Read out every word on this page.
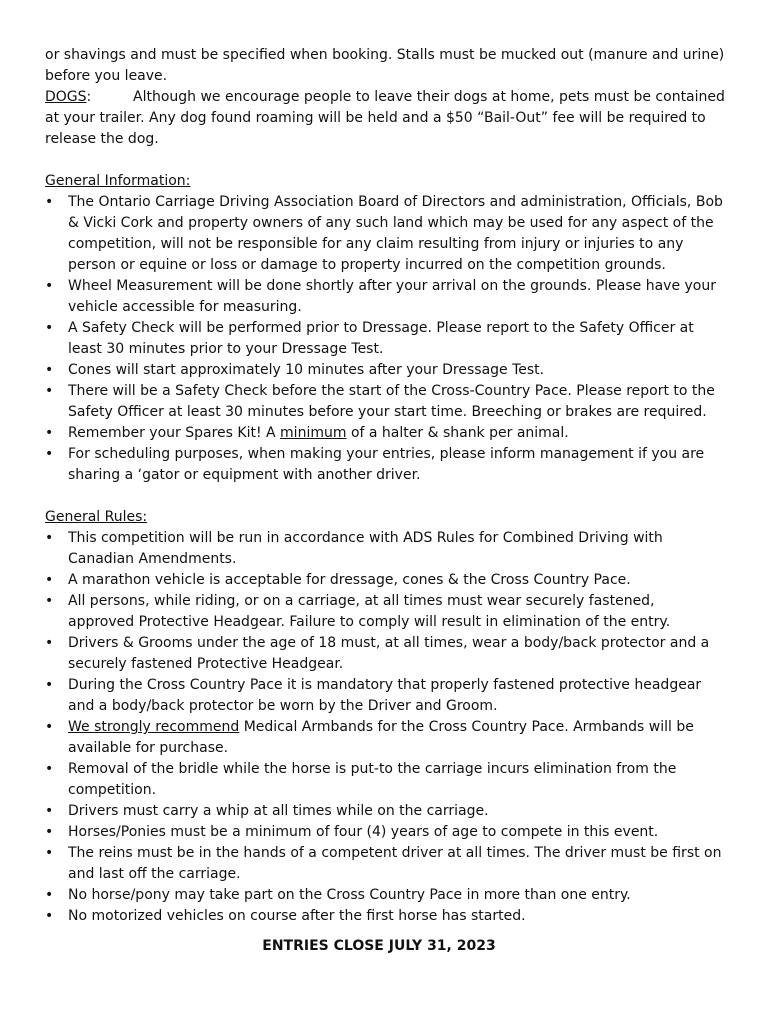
or shavings and must be specified when booking. Stalls must be mucked out (manure and urine) before you leave.

DOGS:	Although we encourage people to leave their dogs at home, pets must be contained at your trailer. Any dog found roaming will be held and a $50 “Bail-Out” fee will be required to release the dog.

General Information:

•	The Ontario Carriage Driving Association Board of Directors and administration, Officials, Bob & Vicki Cork and property owners of any such land which may be used for any aspect of the competition, will not be responsible for any claim resulting from injury or injuries to any person or equine or loss or damage to property incurred on the competition grounds.
•	Wheel Measurement will be done shortly after your arrival on the grounds. Please have your vehicle accessible for measuring.
•	A Safety Check will be performed prior to Dressage. Please report to the Safety Officer at least 30 minutes prior to your Dressage Test.
•	Cones will start approximately 10 minutes after your Dressage Test.
•	There will be a Safety Check before the start of the Cross-Country Pace. Please report to the Safety Officer at least 30 minutes before your start time. Breeching or brakes are required.
•	Remember your Spares Kit! A minimum of a halter & shank per animal.
•	For scheduling purposes, when making your entries, please inform management if you are sharing a ‘gator or equipment with another driver.

General Rules:

•	This competition will be run in accordance with ADS Rules for Combined Driving with Canadian Amendments.
•	A marathon vehicle is acceptable for dressage, cones & the Cross Country Pace.
•	All persons, while riding, or on a carriage, at all times must wear securely fastened, approved Protective Headgear. Failure to comply will result in elimination of the entry.
•	Drivers & Grooms under the age of 18 must, at all times, wear a body/back protector and a securely fastened Protective Headgear.
•	During the Cross Country Pace it is mandatory that properly fastened protective headgear and a body/back protector be worn by the Driver and Groom.
•	We strongly recommend Medical Armbands for the Cross Country Pace. Armbands will be available for purchase.
•	Removal of the bridle while the horse is put-to the carriage incurs elimination from the competition.
•	Drivers must carry a whip at all times while on the carriage.
•	Horses/Ponies must be a minimum of four (4) years of age to compete in this event.
•	The reins must be in the hands of a competent driver at all times. The driver must be first on and last off the carriage.
•	No horse/pony may take part on the Cross Country Pace in more than one entry.
•	No motorized vehicles on course after the first horse has started.

ENTRIES CLOSE JULY 31, 2023
